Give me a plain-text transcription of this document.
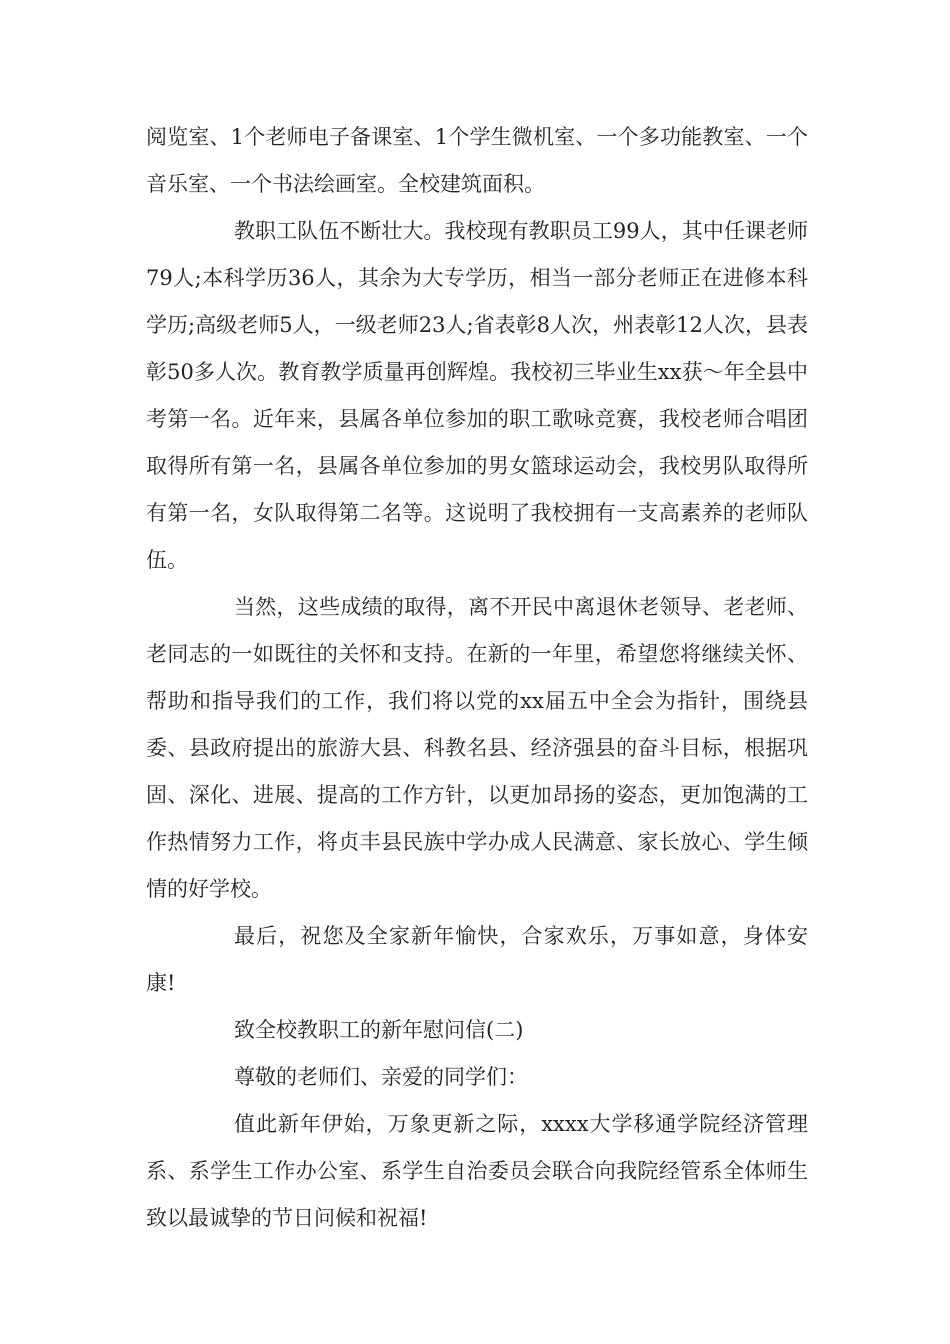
阅览室、1个老师电子备课室、1个学生微机室、一个多功能教室、一个音乐室、一个书法绘画室。全校建筑面积。

教职工队伍不断壮大。我校现有教职员工99人，其中任课老师79人;本科学历36人，其余为大专学历，相当一部分老师正在进修本科学历;高级老师5人，一级老师23人;省表彰8人次，州表彰12人次，县表彰50多人次。教育教学质量再创辉煌。我校初三毕业生xx获～年全县中考第一名。近年来，县属各单位参加的职工歌咏竞赛，我校老师合唱团取得所有第一名，县属各单位参加的男女篮球运动会，我校男队取得所有第一名，女队取得第二名等。这说明了我校拥有一支高素养的老师队伍。

当然，这些成绩的取得，离不开民中离退休老领导、老老师、老同志的一如既往的关怀和支持。在新的一年里，希望您将继续关怀、帮助和指导我们的工作，我们将以党的xx届五中全会为指针，围绕县委、县政府提出的旅游大县、科教名县、经济强县的奋斗目标，根据巩固、深化、进展、提高的工作方针，以更加昂扬的姿态，更加饱满的工作热情努力工作，将贞丰县民族中学办成人民满意、家长放心、学生倾情的好学校。

最后，祝您及全家新年愉快，合家欢乐，万事如意，身体安康!

致全校教职工的新年慰问信(二)

尊敬的老师们、亲爱的同学们：

值此新年伊始，万象更新之际，xxxx大学移通学院经济管理系、系学生工作办公室、系学生自治委员会联合向我院经管系全体师生致以最诚挚的节日问候和祝福!
